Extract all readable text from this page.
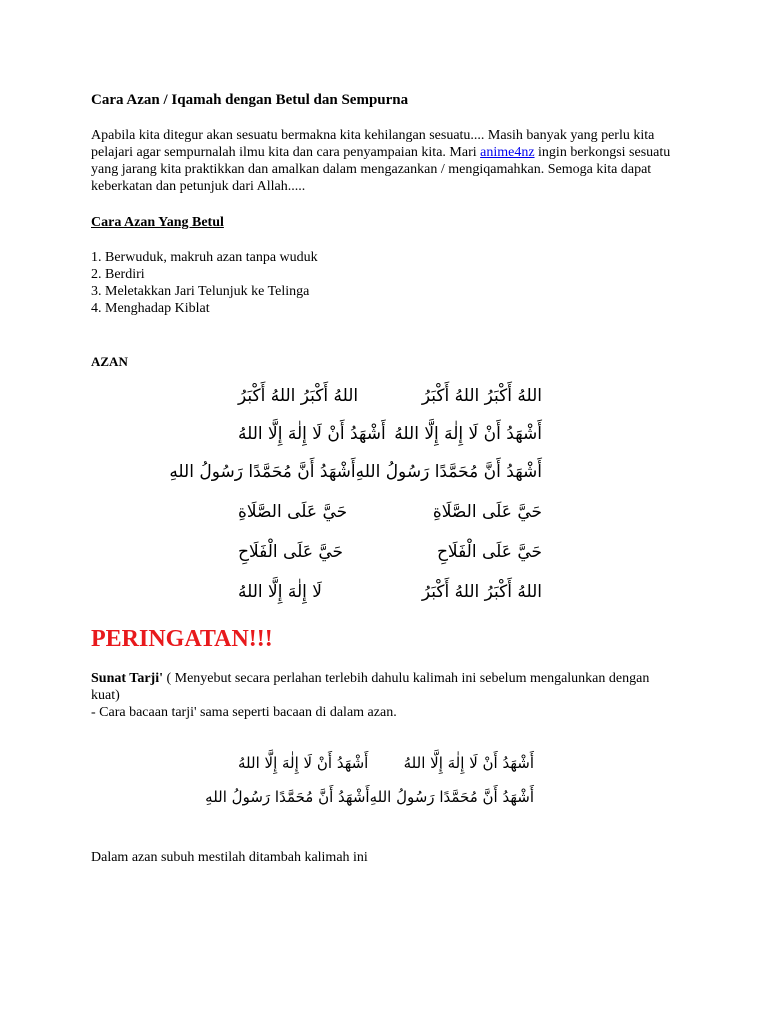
Cara Azan / Iqamah dengan Betul dan Sempurna
Apabila kita ditegur akan sesuatu bermakna kita kehilangan sesuatu.... Masih banyak yang perlu kita pelajari agar sempurnalah ilmu kita dan cara penyampaian kita. Mari anime4nz ingin berkongsi sesuatu yang jarang kita praktikkan dan amalkan dalam mengazankan / mengiqamahkan. Semoga kita dapat keberkatan dan petunjuk dari Allah.....
Cara Azan Yang Betul
1. Berwuduk, makruh azan tanpa wuduk
2. Berdiri
3. Meletakkan Jari Telunjuk ke Telinga
4. Menghadap Kiblat
AZAN
اللهُ أَكْبَرُ اللهُ أَكْبَرُ
اللهُ أَكْبَرُ اللهُ أَكْبَرُ
أَشْهَدُ أَنْ لَا إِلٰهَ إِلَّا اللهُ
أَشْهَدُ أَنْ لَا إِلٰهَ إِلَّا اللهُ
أَشْهَدُ أَنَّ مُحَمَّدًا رَسُولُ اللهِ
أَشْهَدُ أَنَّ مُحَمَّدًا رَسُولُ اللهِ
حَيَّ عَلَى الصَّلَاةِ
حَيَّ عَلَى الصَّلَاةِ
حَيَّ عَلَى الْفَلَاحِ
حَيَّ عَلَى الْفَلَاحِ
اللهُ أَكْبَرُ اللهُ أَكْبَرُ
لَا إِلٰهَ إِلَّا اللهُ
PERINGATAN!!!
Sunat Tarji' ( Menyebut secara perlahan terlebih dahulu kalimah ini sebelum mengalunkan dengan kuat)
- Cara bacaan tarji' sama seperti bacaan di dalam azan.
أَشْهَدُ أَنْ لَا إِلٰهَ إِلَّا اللهُ
أَشْهَدُ أَنْ لَا إِلٰهَ إِلَّا اللهُ
أَشْهَدُ أَنَّ مُحَمَّدًا رَسُولُ اللهِ
أَشْهَدُ أَنَّ مُحَمَّدًا رَسُولُ اللهِ
Dalam azan subuh mestilah ditambah kalimah ini
